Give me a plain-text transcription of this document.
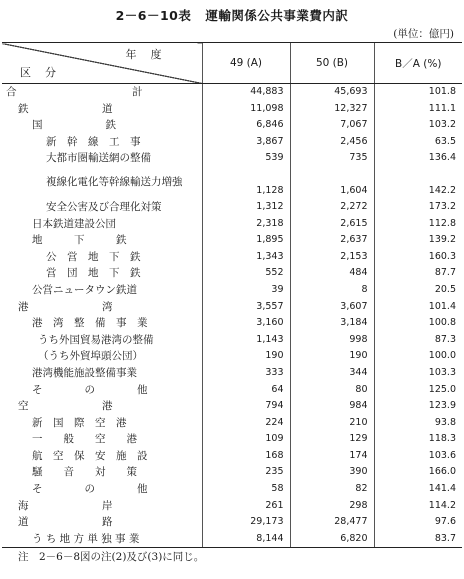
2－6－10表 運輸関係公共事業費内訳
(単位：億円)
年度
区分	49 (A)	50 (B)	B／A (%)
合　　　　　　　　　　　計	44,883	45,693	101.8
鉄　　　　　　　道	11,098	12,327	111.1
国　　　　　　鉄	6,846	7,067	103.2
新　幹　線　工　事	3,867	2,456	63.5
大都市圏輸送網の整備	539	735	136.4
複線化電化等幹線輸送力増強	1,128	1,604	142.2
安全公害及び合理化対策	1,312	2,272	173.2
日本鉄道建設公団	2,318	2,615	112.8
地　　　下　　　鉄	1,895	2,637	139.2
公　営　地　下　鉄	1,343	2,153	160.3
営　団　地　下　鉄	552	484	87.7
公営ニュータウン鉄道	39	8	20.5
港　　　　　　　湾	3,557	3,607	101.4
港　湾　整　備　事　業	3,160	3,184	100.8
うち外国貿易港湾の整備	1,143	998	87.3
（うち外貿埠頭公団）	190	190	100.0
港湾機能施設整備事業	333	344	103.3
そ　　　　の　　　　他	64	80	125.0
空　　　　　　　港	794	984	123.9
新　国　際　空　港	224	210	93.8
一　　般　　空　　港	109	129	118.3
航　空　保　安　施　設	168	174	103.6
騒　　音　　対　　策	235	390	166.0
そ　　　　の　　　　他	58	82	141.4
海　　　　　　　岸	261	298	114.2
道　　　　　　　路	29,173	28,477	97.6
う ち 地 方 単 独 事 業	8,144	6,820	83.7
注　2－6－8図の注(2)及び(3)に同じ。
